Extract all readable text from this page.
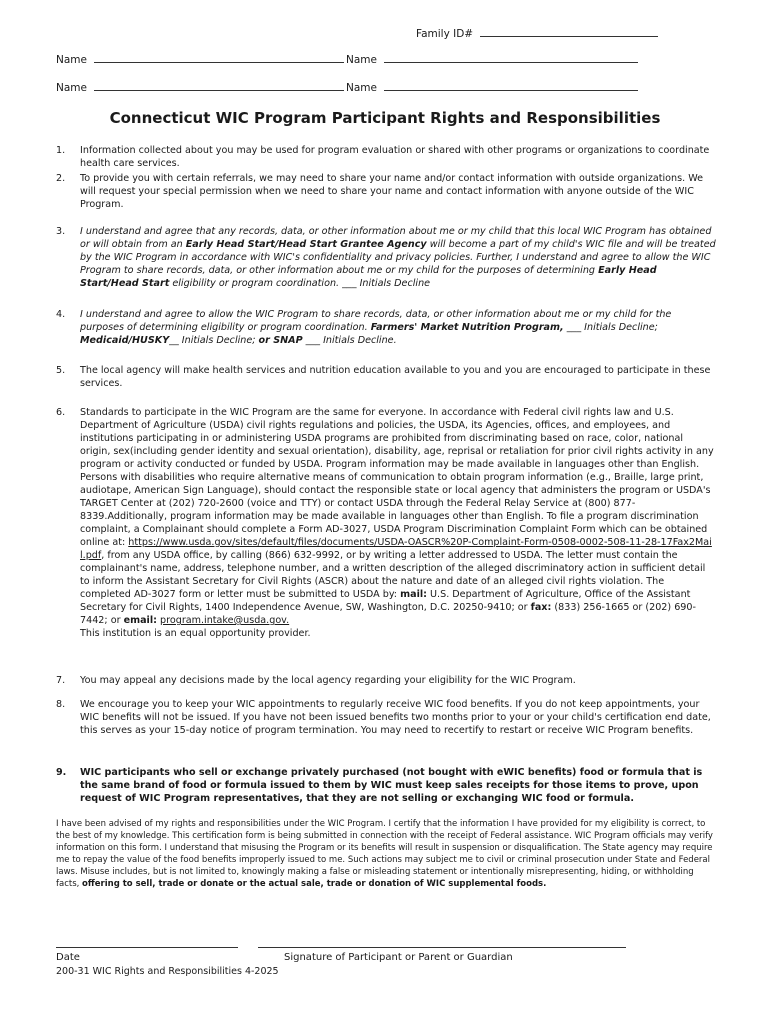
Family ID#
Name	Name
Name	Name
Connecticut WIC Program Participant Rights and Responsibilities
1. Information collected about you may be used for program evaluation or shared with other programs or organizations to coordinate health care services.
2. To provide you with certain referrals, we may need to share your name and/or contact information with outside organizations. We will request your special permission when we need to share your name and contact information with anyone outside of the WIC Program.
3. I understand and agree that any records, data, or other information about me or my child that this local WIC Program has obtained or will obtain from an Early Head Start/Head Start Grantee Agency will become a part of my child's WIC file and will be treated by the WIC Program in accordance with WIC's confidentiality and privacy policies. Further, I understand and agree to allow the WIC Program to share records, data, or other information about me or my child for the purposes of determining Early Head Start/Head Start eligibility or program coordination. ___ Initials Decline
4. I understand and agree to allow the WIC Program to share records, data, or other information about me or my child for the purposes of determining eligibility or program coordination. Farmers' Market Nutrition Program, ___ Initials Decline; Medicaid/HUSKY__ Initials Decline; or SNAP ___ Initials Decline.
5. The local agency will make health services and nutrition education available to you and you are encouraged to participate in these services.
6. Standards to participate in the WIC Program are the same for everyone. In accordance with Federal civil rights law and U.S. Department of Agriculture (USDA) civil rights regulations and policies, the USDA, its Agencies, offices, and employees, and institutions participating in or administering USDA programs are prohibited from discriminating based on race, color, national origin, sex(including gender identity and sexual orientation), disability, age, reprisal or retaliation for prior civil rights activity in any program or activity conducted or funded by USDA. Program information may be made available in languages other than English. Persons with disabilities who require alternative means of communication to obtain program information (e.g., Braille, large print, audiotape, American Sign Language), should contact the responsible state or local agency that administers the program or USDA's TARGET Center at (202) 720-2600 (voice and TTY) or contact USDA through the Federal Relay Service at (800) 877-8339.Additionally, program information may be made available in languages other than English. To file a program discrimination complaint, a Complainant should complete a Form AD-3027, USDA Program Discrimination Complaint Form which can be obtained online at: https://www.usda.gov/sites/default/files/documents/USDA-OASCR%20P-Complaint-Form-0508-0002-508-11-28-17Fax2Mail.pdf, from any USDA office, by calling (866) 632-9992, or by writing a letter addressed to USDA. The letter must contain the complainant's name, address, telephone number, and a written description of the alleged discriminatory action in sufficient detail to inform the Assistant Secretary for Civil Rights (ASCR) about the nature and date of an alleged civil rights violation. The completed AD-3027 form or letter must be submitted to USDA by: mail: U.S. Department of Agriculture, Office of the Assistant Secretary for Civil Rights, 1400 Independence Avenue, SW, Washington, D.C. 20250-9410; or fax: (833) 256-1665 or (202) 690-7442; or email: program.intake@usda.gov.
This institution is an equal opportunity provider.
7. You may appeal any decisions made by the local agency regarding your eligibility for the WIC Program.
8. We encourage you to keep your WIC appointments to regularly receive WIC food benefits. If you do not keep appointments, your WIC benefits will not be issued. If you have not been issued benefits two months prior to your or your child's certification end date, this serves as your 15-day notice of program termination. You may need to recertify to restart or receive WIC Program benefits.
9. WIC participants who sell or exchange privately purchased (not bought with eWIC benefits) food or formula that is the same brand of food or formula issued to them by WIC must keep sales receipts for those items to prove, upon request of WIC Program representatives, that they are not selling or exchanging WIC food or formula.
I have been advised of my rights and responsibilities under the WIC Program. I certify that the information I have provided for my eligibility is correct, to the best of my knowledge. This certification form is being submitted in connection with the receipt of Federal assistance. WIC Program officials may verify information on this form. I understand that misusing the Program or its benefits will result in suspension or disqualification. The State agency may require me to repay the value of the food benefits improperly issued to me. Such actions may subject me to civil or criminal prosecution under State and Federal laws. Misuse includes, but is not limited to, knowingly making a false or misleading statement or intentionally misrepresenting, hiding, or withholding facts, offering to sell, trade or donate or the actual sale, trade or donation of WIC supplemental foods.
Date	Signature of Participant or Parent or Guardian
200-31 WIC Rights and Responsibilities 4-2025
